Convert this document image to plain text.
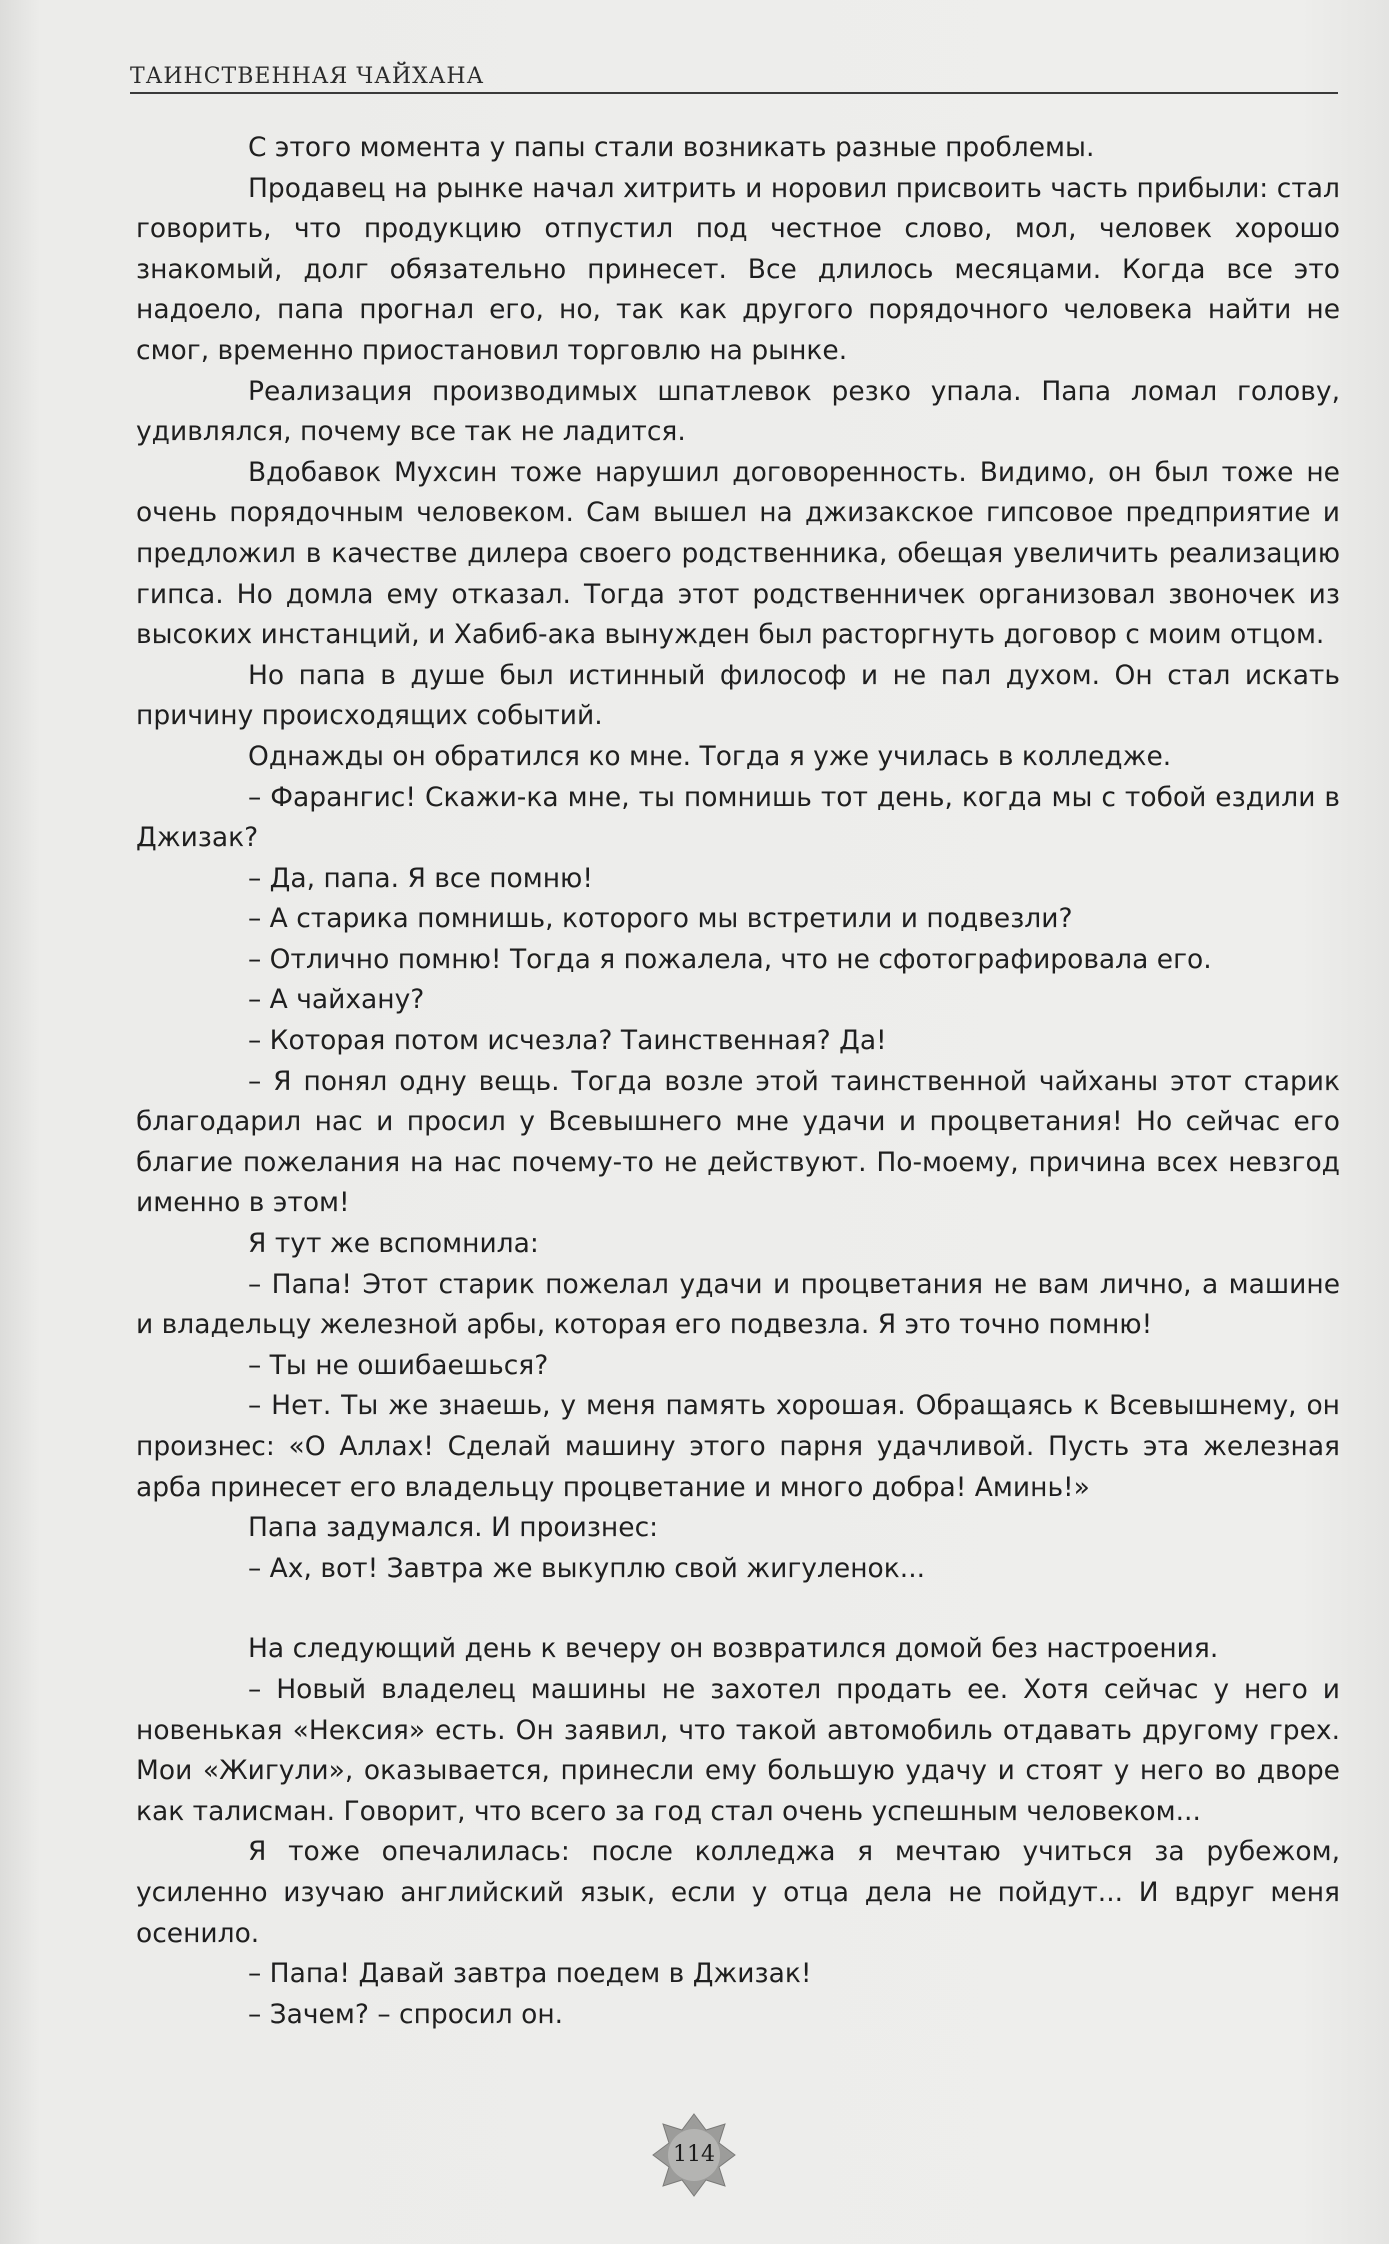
ТАИНСТВЕННАЯ ЧАЙХАНА

С этого момента у папы стали возникать разные проблемы.

Продавец на рынке начал хитрить и норовил присвоить часть прибыли: стал говорить, что продукцию отпустил под честное слово, мол, человек хорошо знакомый, долг обязательно принесет. Все длилось месяцами. Когда все это надоело, папа прогнал его, но, так как другого порядочного человека найти не смог, временно приостановил торговлю на рынке.

Реализация производимых шпатлевок резко упала. Папа ломал голову, удивлялся, почему все так не ладится.

Вдобавок Мухсин тоже нарушил договоренность. Видимо, он был тоже не очень порядочным человеком. Сам вышел на джизакское гипсовое предприятие и предложил в качестве дилера своего родственника, обещая увеличить реализацию гипса. Но домла ему отказал. Тогда этот родственничек организовал звоночек из высоких инстанций, и Хабиб-ака вынужден был расторгнуть договор с моим отцом.

Но папа в душе был истинный философ и не пал духом. Он стал искать причину происходящих событий.

Однажды он обратился ко мне. Тогда я уже училась в колледже.

– Фарангис! Скажи-ка мне, ты помнишь тот день, когда мы с тобой ездили в Джизак?

– Да, папа. Я все помню!

– А старика помнишь, которого мы встретили и подвезли?

– Отлично помню! Тогда я пожалела, что не сфотографировала его.

– А чайхану?

– Которая потом исчезла? Таинственная? Да!

– Я понял одну вещь. Тогда возле этой таинственной чайханы этот старик благодарил нас и просил у Всевышнего мне удачи и процветания! Но сейчас его благие пожелания на нас почему-то не действуют. По-моему, причина всех невзгод именно в этом!

Я тут же вспомнила:

– Папа! Этот старик пожелал удачи и процветания не вам лично, а машине и владельцу железной арбы, которая его подвезла. Я это точно помню!

– Ты не ошибаешься?

– Нет. Ты же знаешь, у меня память хорошая. Обращаясь к Всевышнему, он произнес: «О Аллах! Сделай машину этого парня удачливой. Пусть эта железная арба принесет его владельцу процветание и много добра! Аминь!»

Папа задумался. И произнес:

– Ах, вот! Завтра же выкуплю свой жигуленок...

На следующий день к вечеру он возвратился домой без настроения.

– Новый владелец машины не захотел продать ее. Хотя сейчас у него и новенькая «Нексия» есть. Он заявил, что такой автомобиль отдавать другому грех. Мои «Жигули», оказывается, принесли ему большую удачу и стоят у него во дворе как талисман. Говорит, что всего за год стал очень успешным человеком...

Я тоже опечалилась: после колледжа я мечтаю учиться за рубежом, усиленно изучаю английский язык, если у отца дела не пойдут... И вдруг меня осенило.

– Папа! Давай завтра поедем в Джизак!

– Зачем? – спросил он.

114
